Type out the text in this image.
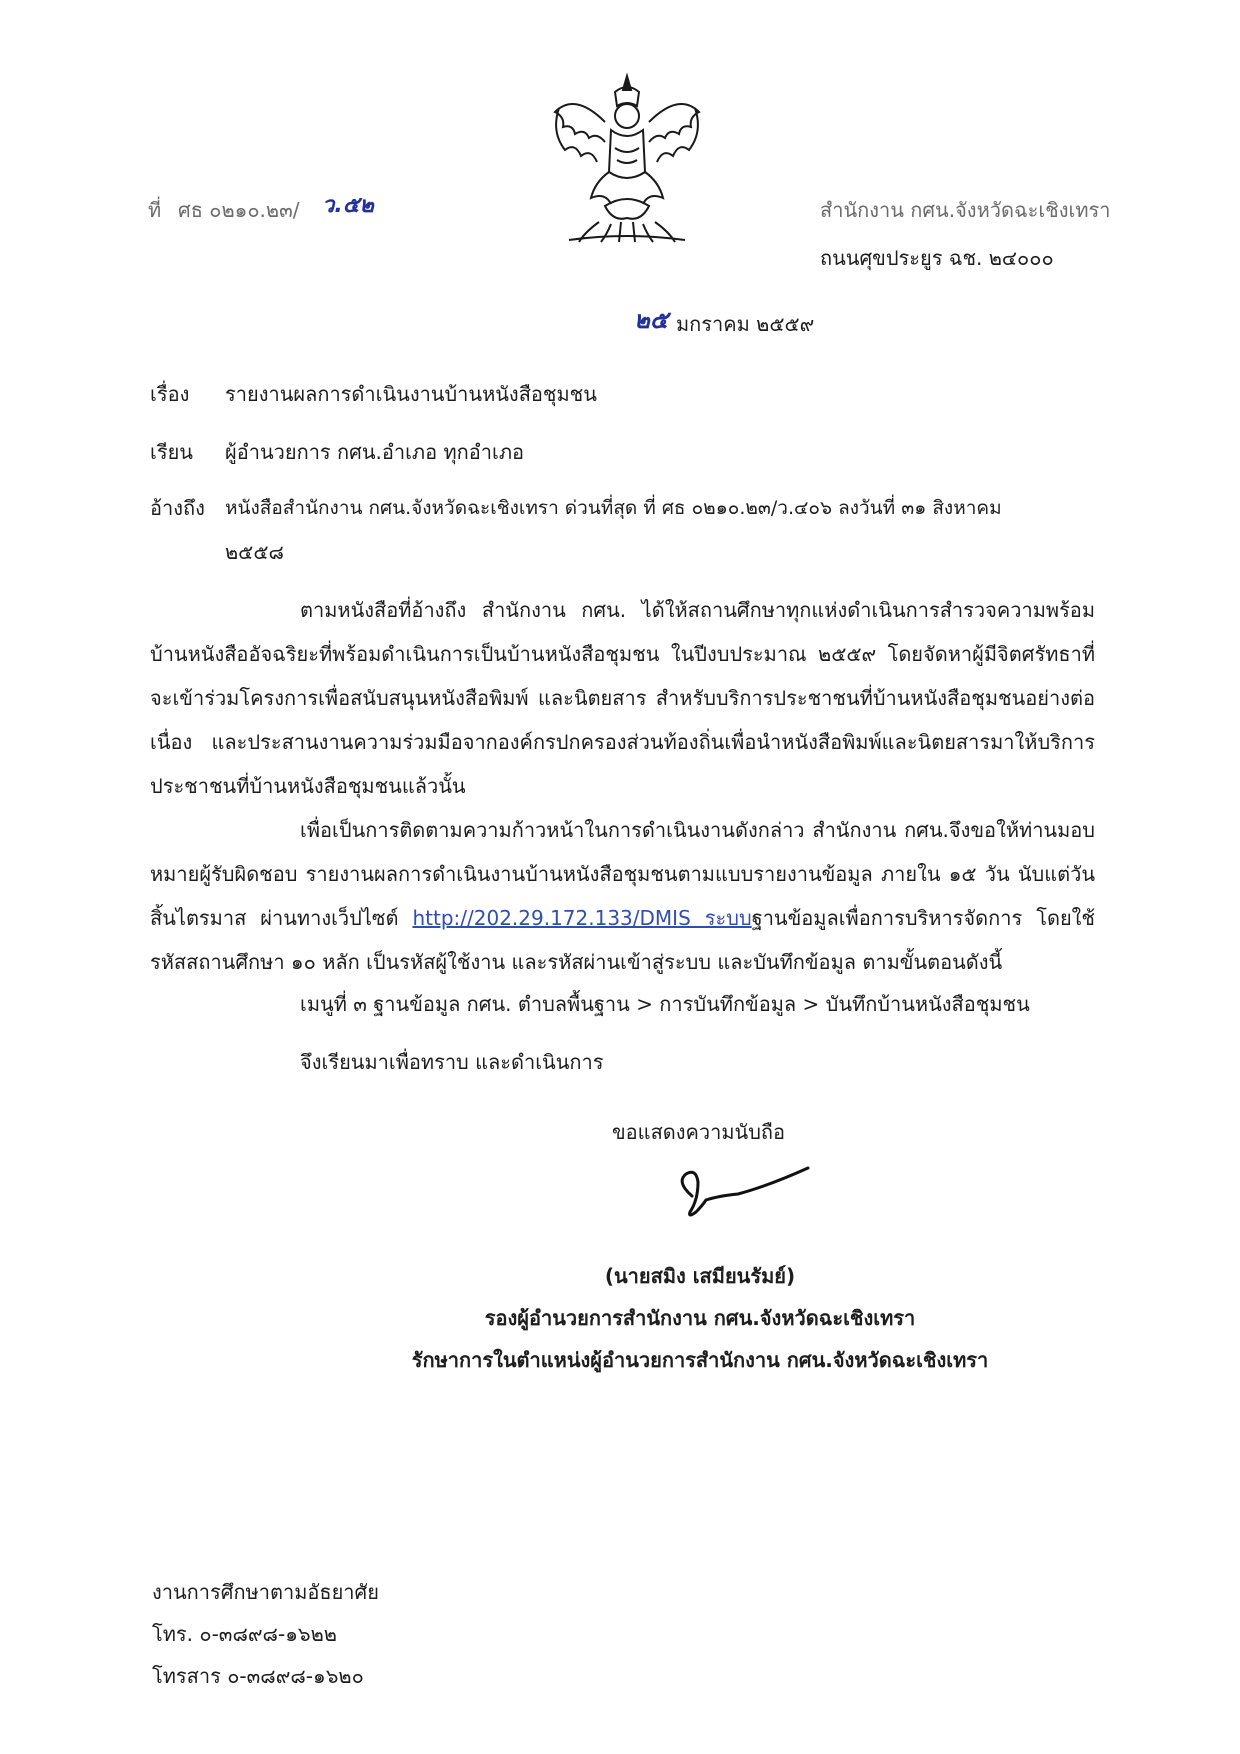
ที่ ศธ ๐๒๑๐.๒๓/ ว.๕๒	สำนักงาน กศน.จังหวัดฉะเชิงเทรา
ถนนศุขประยูร ฉช. ๒๔๐๐๐
๒๕ มกราคม ๒๕๕๙
เรื่อง รายงานผลการดำเนินงานบ้านหนังสือชุมชน
เรียน ผู้อำนวยการ กศน.อำเภอ ทุกอำเภอ
อ้างถึง หนังสือสำนักงาน กศน.จังหวัดฉะเชิงเทรา ด่วนที่สุด ที่ ศธ ๐๒๑๐.๒๓/ว.๔๐๖ ลงวันที่ ๓๑ สิงหาคม
๒๕๕๘
ตามหนังสือที่อ้างถึง สำนักงาน กศน. ได้ให้สถานศึกษาทุกแห่งดำเนินการสำรวจความพร้อมบ้านหนังสืออัจฉริยะที่พร้อมดำเนินการเป็นบ้านหนังสือชุมชน ในปีงบประมาณ ๒๕๕๙ โดยจัดหาผู้มีจิตศรัทธาที่จะเข้าร่วมโครงการเพื่อสนับสนุนหนังสือพิมพ์ และนิตยสาร สำหรับบริการประชาชนที่บ้านหนังสือชุมชนอย่างต่อเนื่อง และประสานงานความร่วมมือจากองค์กรปกครองส่วนท้องถิ่นเพื่อนำหนังสือพิมพ์และนิตยสารมาให้บริการประชาชนที่บ้านหนังสือชุมชนแล้วนั้น
เพื่อเป็นการติดตามความก้าวหน้าในการดำเนินงานดังกล่าว สำนักงาน กศน.จึงขอให้ท่านมอบหมายผู้รับผิดชอบ รายงานผลการดำเนินงานบ้านหนังสือชุมชนตามแบบรายงานข้อมูล ภายใน ๑๕ วัน นับแต่วันสิ้นไตรมาส ผ่านทางเว็ปไซต์ http://202.29.172.133/DMIS ระบบฐานข้อมูลเพื่อการบริหารจัดการ โดยใช้รหัสสถานศึกษา ๑๐ หลัก เป็นรหัสผู้ใช้งาน และรหัสผ่านเข้าสู่ระบบ และบันทึกข้อมูล ตามขั้นตอนดังนี้
เมนูที่ ๓ ฐานข้อมูล กศน. ตำบลพื้นฐาน > การบันทึกข้อมูล > บันทึกบ้านหนังสือชุมชน
จึงเรียนมาเพื่อทราบ และดำเนินการ
ขอแสดงความนับถือ
(นายสมิง เสมียนรัมย์)
รองผู้อำนวยการสำนักงาน กศน.จังหวัดฉะเชิงเทรา
รักษาการในตำแหน่งผู้อำนวยการสำนักงาน กศน.จังหวัดฉะเชิงเทรา
งานการศึกษาตามอัธยาศัย
โทร. ๐-๓๘๙๘-๑๖๒๒
โทรสาร ๐-๓๘๙๘-๑๖๒๐
